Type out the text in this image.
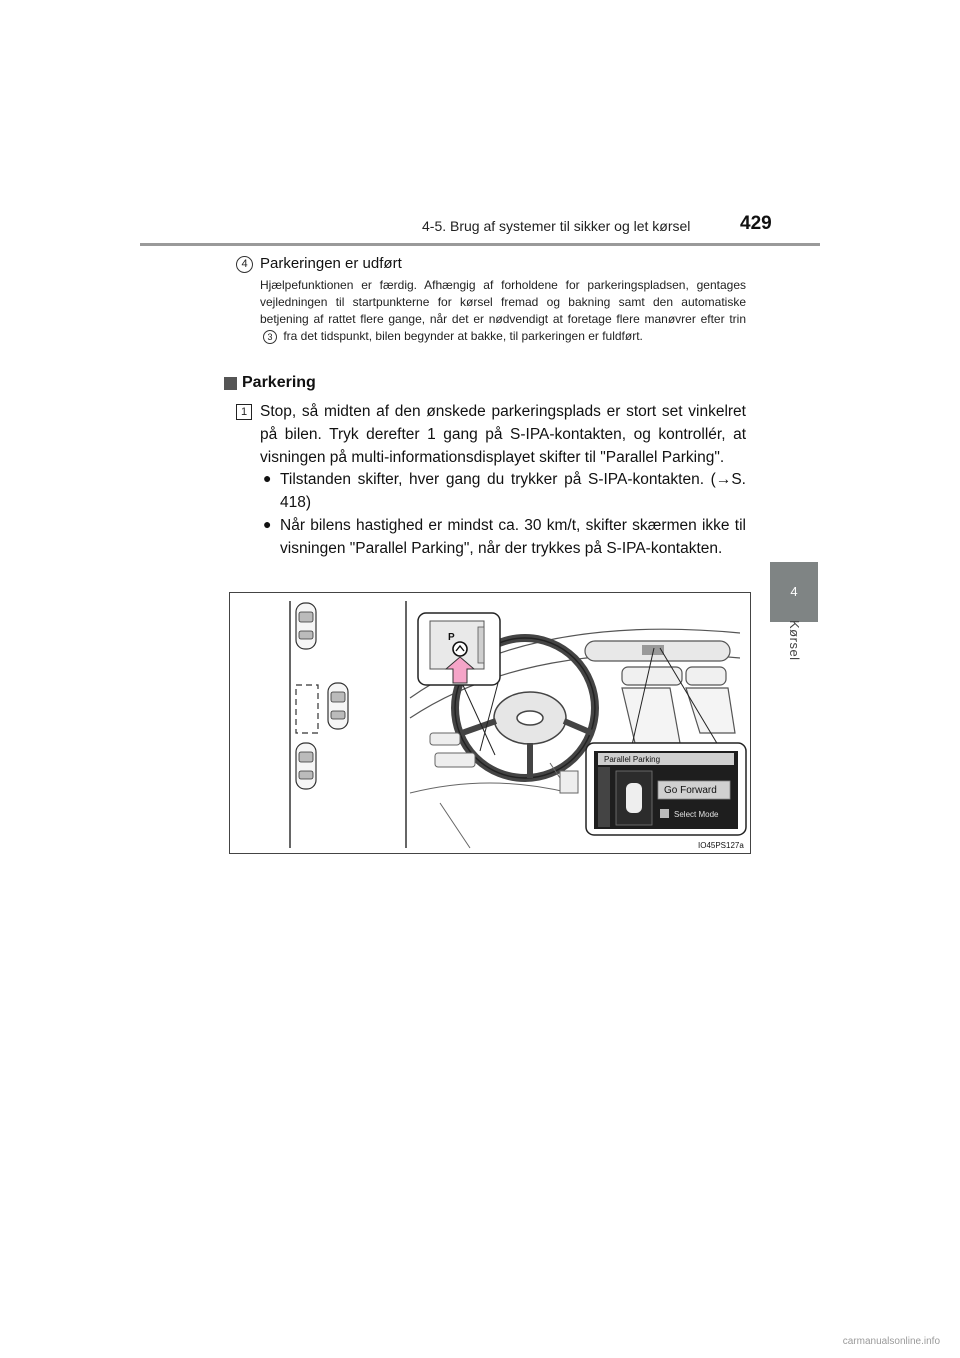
4-5. Brug af systemer til sikker og let kørsel	429
4
Kørsel
4 Parkeringen er udført
Hjælpefunktionen er færdig. Afhængig af forholdene for parkeringspladsen, gentages vejledningen til startpunkterne for kørsel fremad og bakning samt den automatiske betjening af rattet flere gange, når det er nødvendigt at foretage flere manøvrer efter trin 3 fra det tidspunkt, bilen begynder at bakke, til parkeringen er fuldført.
Parkering
1 Stop, så midten af den ønskede parkeringsplads er stort set vinkelret på bilen. Tryk derefter 1 gang på S-IPA-kontakten, og kontrollér, at visningen på multi-informationsdisplayet skifter til "Parallel Parking".
● Tilstanden skifter, hver gang du trykker på S-IPA-kontakten. (→S. 418)
● Når bilens hastighed er mindst ca. 30 km/t, skifter skærmen ikke til visningen "Parallel Parking", når der trykkes på S-IPA-kontakten.
P
Parallel Parking
Go Forward
Select Mode
IO45PS127a
carmanualsonline.info
